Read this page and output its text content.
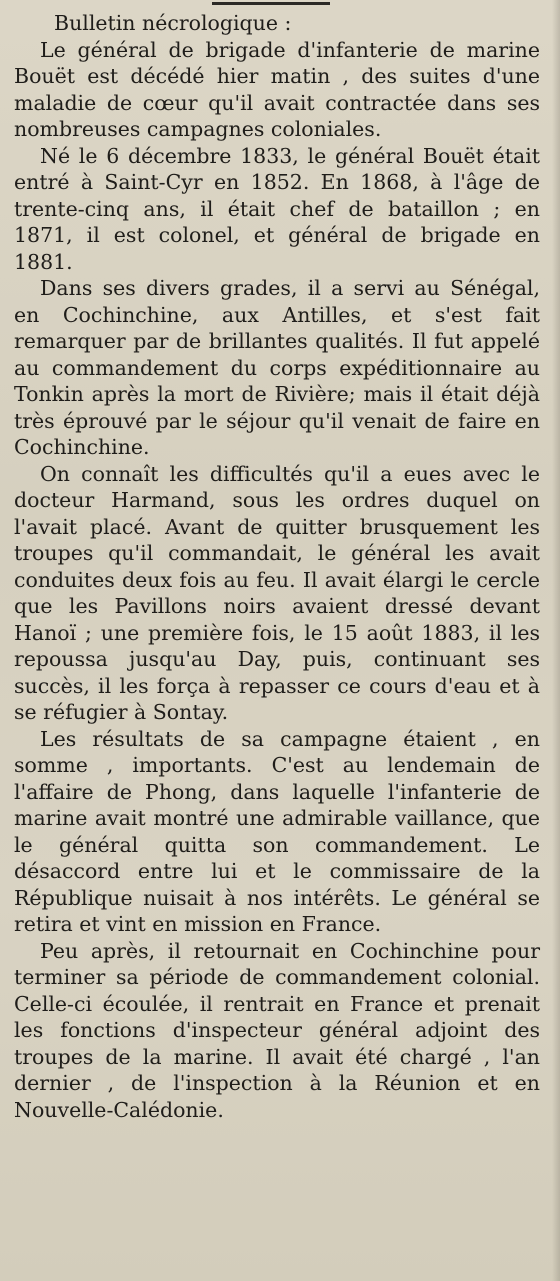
Bulletin nécrologique :

Le général de brigade d'infanterie de marine Bouët est décédé hier matin , des suites d'une maladie de cœur qu'il avait contractée dans ses nombreuses campagnes coloniales.

Né le 6 décembre 1833, le général Bouët était entré à Saint-Cyr en 1852. En 1868, à l'âge de trente-cinq ans, il était chef de bataillon ; en 1871, il est colonel, et général de brigade en 1881.

Dans ses divers grades, il a servi au Sénégal, en Cochinchine, aux Antilles, et s'est fait remarquer par de brillantes qualités. Il fut appelé au commandement du corps expéditionnaire au Tonkin après la mort de Rivière; mais il était déjà très éprouvé par le séjour qu'il venait de faire en Cochinchine.

On connaît les difficultés qu'il a eues avec le docteur Harmand, sous les ordres duquel on l'avait placé. Avant de quitter brusquement les troupes qu'il commandait, le général les avait conduites deux fois au feu. Il avait élargi le cercle que les Pavillons noirs avaient dressé devant Hanoï ; une première fois, le 15 août 1883, il les repoussa jusqu'au Day, puis, continuant ses succès, il les força à repasser ce cours d'eau et à se réfugier à Sontay.

Les résultats de sa campagne étaient , en somme , importants. C'est au lendemain de l'affaire de Phong, dans laquelle l'infanterie de marine avait montré une admirable vaillance, que le général quitta son commandement. Le désaccord entre lui et le commissaire de la République nuisait à nos intérêts. Le général se retira et vint en mission en France.

Peu après, il retournait en Cochinchine pour terminer sa période de commandement colonial. Celle-ci écoulée, il rentrait en France et prenait les fonctions d'inspecteur général adjoint des troupes de la marine. Il avait été chargé , l'an dernier , de l'inspection à la Réunion et en Nouvelle-Calédonie.
